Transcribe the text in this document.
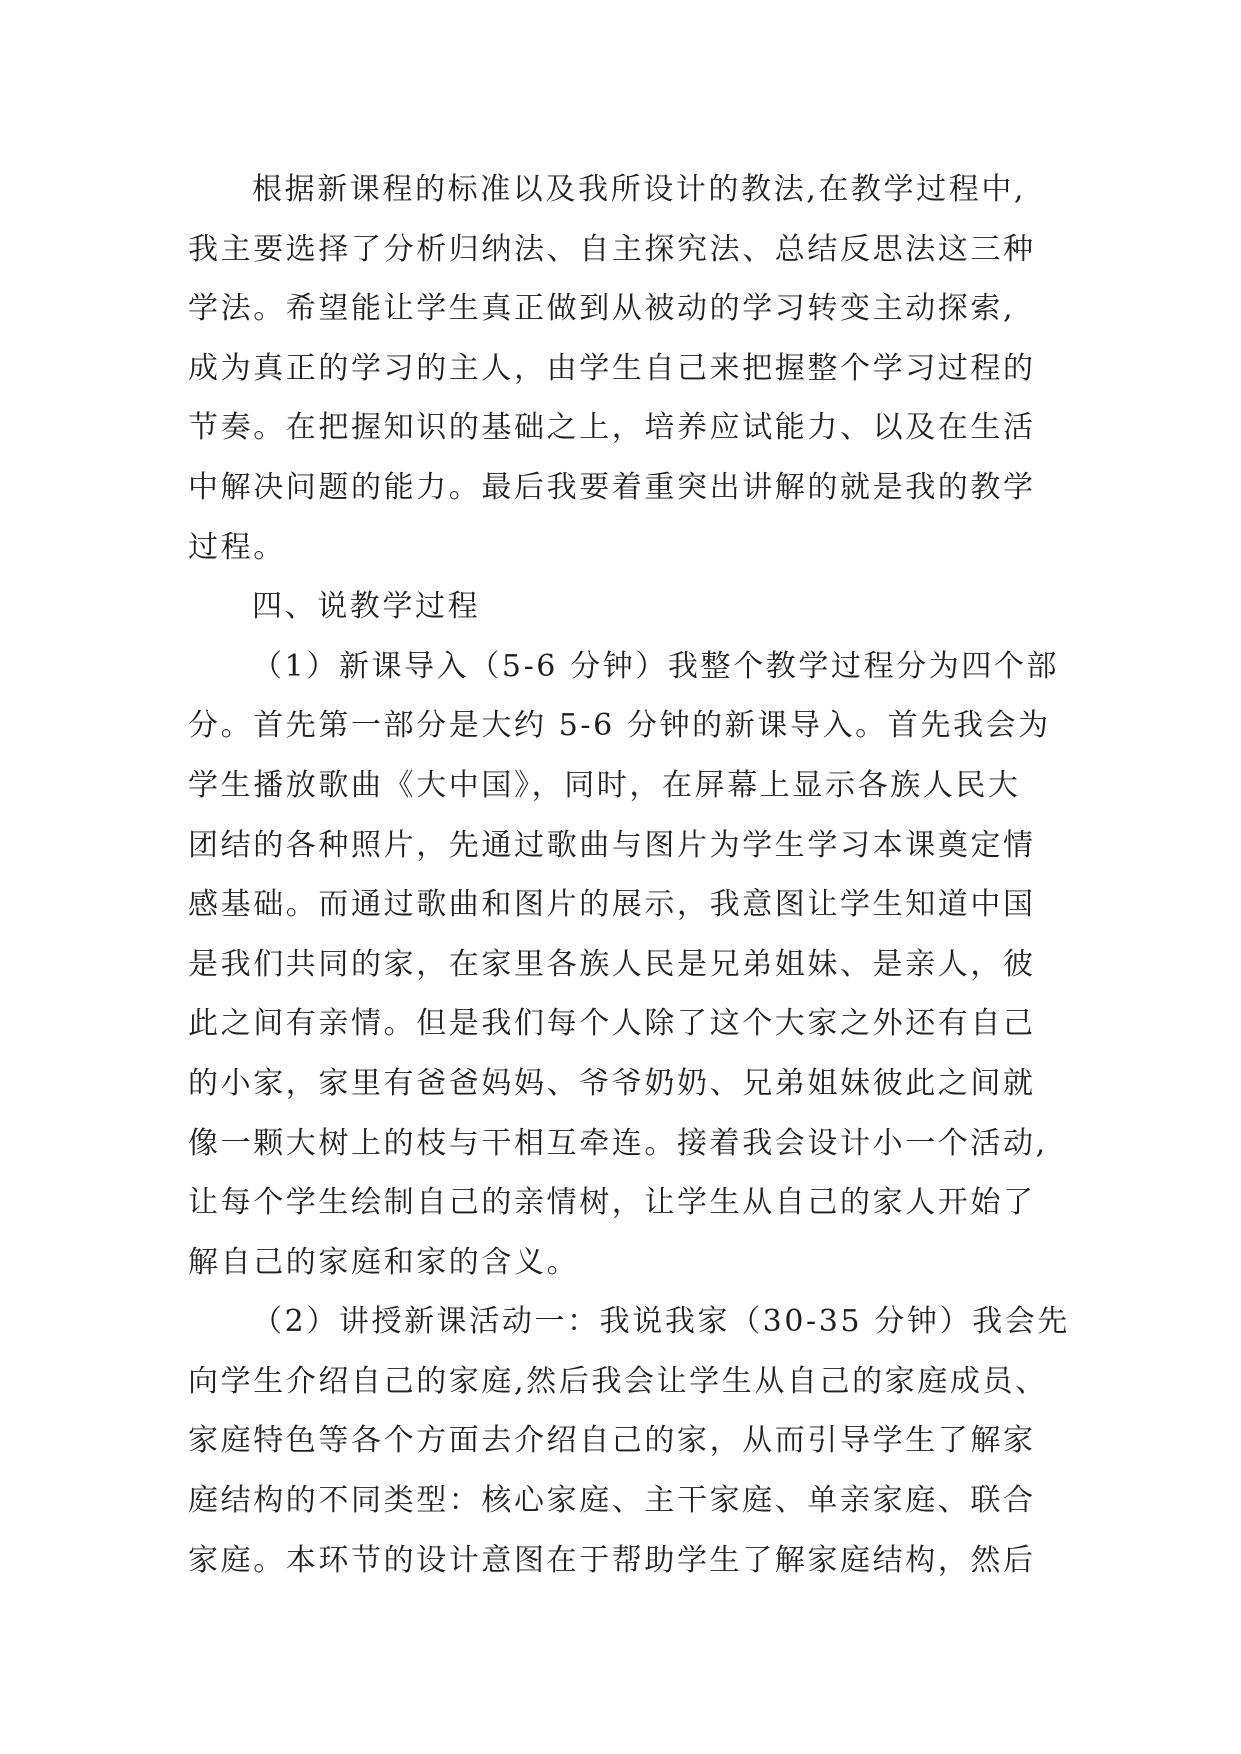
根据新课程的标准以及我所设计的教法,在教学过程中,
我主要选择了分析归纳法、自主探究法、总结反思法这三种
学法。希望能让学生真正做到从被动的学习转变主动探索,
成为真正的学习的主人，由学生自己来把握整个学习过程的
节奏。在把握知识的基础之上，培养应试能力、以及在生活
中解决问题的能力。最后我要着重突出讲解的就是我的教学
过程。
四、说教学过程
（1）新课导入（5-6 分钟）我整个教学过程分为四个部
分。首先第一部分是大约 5-6 分钟的新课导入。首先我会为
学生播放歌曲《大中国》，同时，在屏幕上显示各族人民大
团结的各种照片，先通过歌曲与图片为学生学习本课奠定情
感基础。而通过歌曲和图片的展示，我意图让学生知道中国
是我们共同的家，在家里各族人民是兄弟姐妹、是亲人，彼
此之间有亲情。但是我们每个人除了这个大家之外还有自己
的小家，家里有爸爸妈妈、爷爷奶奶、兄弟姐妹彼此之间就
像一颗大树上的枝与干相互牵连。接着我会设计小一个活动,
让每个学生绘制自己的亲情树，让学生从自己的家人开始了
解自己的家庭和家的含义。
（2）讲授新课活动一：我说我家（30-35 分钟）我会先
向学生介绍自己的家庭,然后我会让学生从自己的家庭成员、
家庭特色等各个方面去介绍自己的家，从而引导学生了解家
庭结构的不同类型：核心家庭、主干家庭、单亲家庭、联合
家庭。本环节的设计意图在于帮助学生了解家庭结构，然后
